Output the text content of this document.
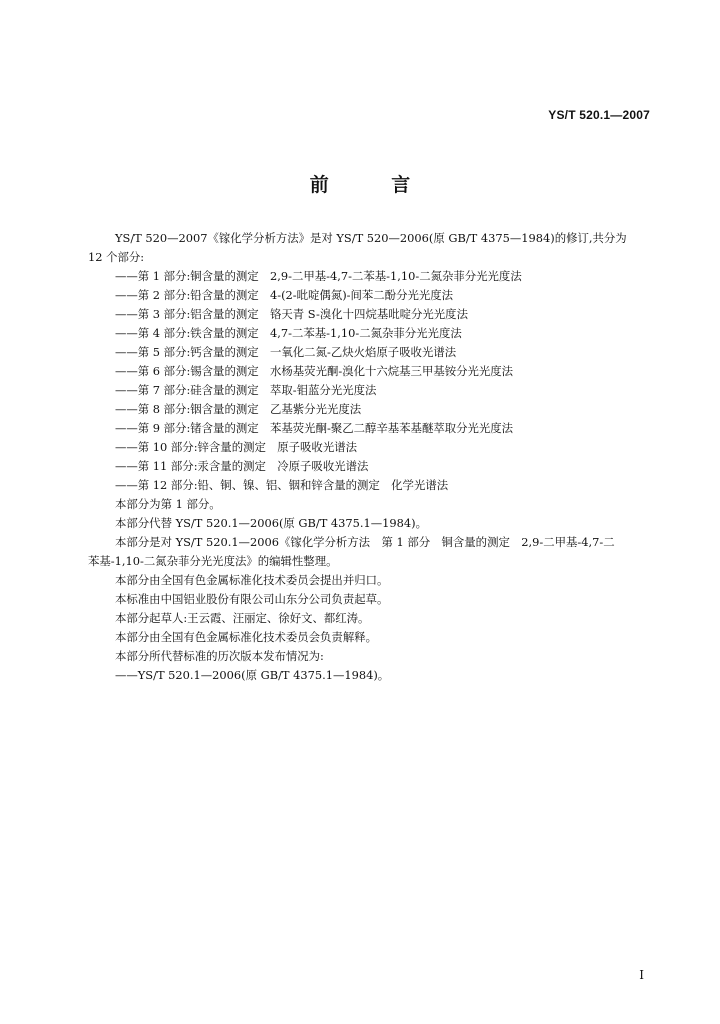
YS/T 520.1—2007
前 言

YS/T 520—2007《镓化学分析方法》是对 YS/T 520—2006(原 GB/T 4375—1984)的修订,共分为

12 个部分:

——第 1 部分:铜含量的测定　2,9-二甲基-4,7-二苯基-1,10-二氮杂菲分光光度法

——第 2 部分:铅含量的测定　4-(2-吡啶偶氮)-间苯二酚分光光度法

——第 3 部分:铝含量的测定　铬天青 S-溴化十四烷基吡啶分光光度法

——第 4 部分:铁含量的测定　4,7-二苯基-1,10-二氮杂菲分光光度法

——第 5 部分:钙含量的测定　一氧化二氮-乙炔火焰原子吸收光谱法

——第 6 部分:锡含量的测定　水杨基荧光酮-溴化十六烷基三甲基铵分光光度法

——第 7 部分:硅含量的测定　萃取-钼蓝分光光度法

——第 8 部分:铟含量的测定　乙基紫分光光度法

——第 9 部分:锗含量的测定　苯基荧光酮-聚乙二醇辛基苯基醚萃取分光光度法

——第 10 部分:锌含量的测定　原子吸收光谱法

——第 11 部分:汞含量的测定　冷原子吸收光谱法

——第 12 部分:铅、铜、镍、铝、铟和锌含量的测定　化学光谱法

本部分为第 1 部分。

本部分代替 YS/T 520.1—2006(原 GB/T 4375.1—1984)。

本部分是对 YS/T 520.1—2006《镓化学分析方法　第 1 部分　铜含量的测定　2,9-二甲基-4,7-二

苯基-1,10-二氮杂菲分光光度法》的编辑性整理。

本部分由全国有色金属标准化技术委员会提出并归口。

本标准由中国铝业股份有限公司山东分公司负责起草。

本部分起草人:王云霞、汪丽定、徐好文、都红涛。

本部分由全国有色金属标准化技术委员会负责解释。

本部分所代替标准的历次版本发布情况为:

——YS/T 520.1—2006(原 GB/T 4375.1—1984)。

I
